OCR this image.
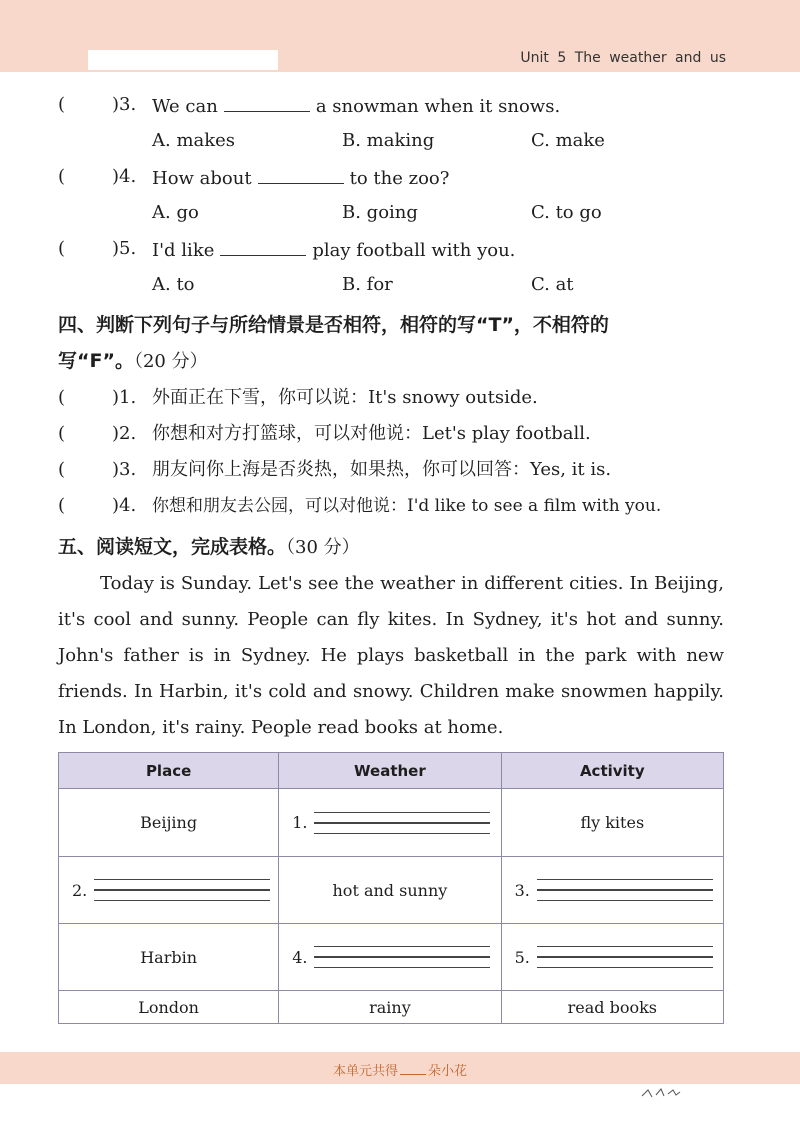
Unit 5 The weather and us
(	)3. We can	a snowman when it snows.
A. makes	B. making	C. make
(	)4. How about	to the zoo?
A. go	B. going	C. to go
(	)5. I'd like	play football with you.
A. to	B. for	C. at
四、判断下列句子与所给情景是否相符，相符的写“T”，不相符的
写“F”。（20 分）
(	)1. 外面正在下雪，你可以说：It's snowy outside.
(	)2. 你想和对方打篮球，可以对他说：Let's play football.
(	)3. 朋友问你上海是否炎热，如果热，你可以回答：Yes, it is.
(	)4. 你想和朋友去公园，可以对他说：I'd like to see a film with you.
五、阅读短文，完成表格。（30 分）

Today is Sunday. Let's see the weather in different cities. In Beijing, it's cool and sunny. People can fly kites. In Sydney, it's hot and sunny. John's father is in Sydney. He plays basketball in the park with new friends. In Harbin, it's cold and snowy. Children make snowmen happily. In London, it's rainy. People read books at home.

Place	Weather	Activity
Beijing	1.	fly kites

2.	hot and sunny	3.

Harbin	4.	5.

London	rainy	read books
本单元共得 朵小花
